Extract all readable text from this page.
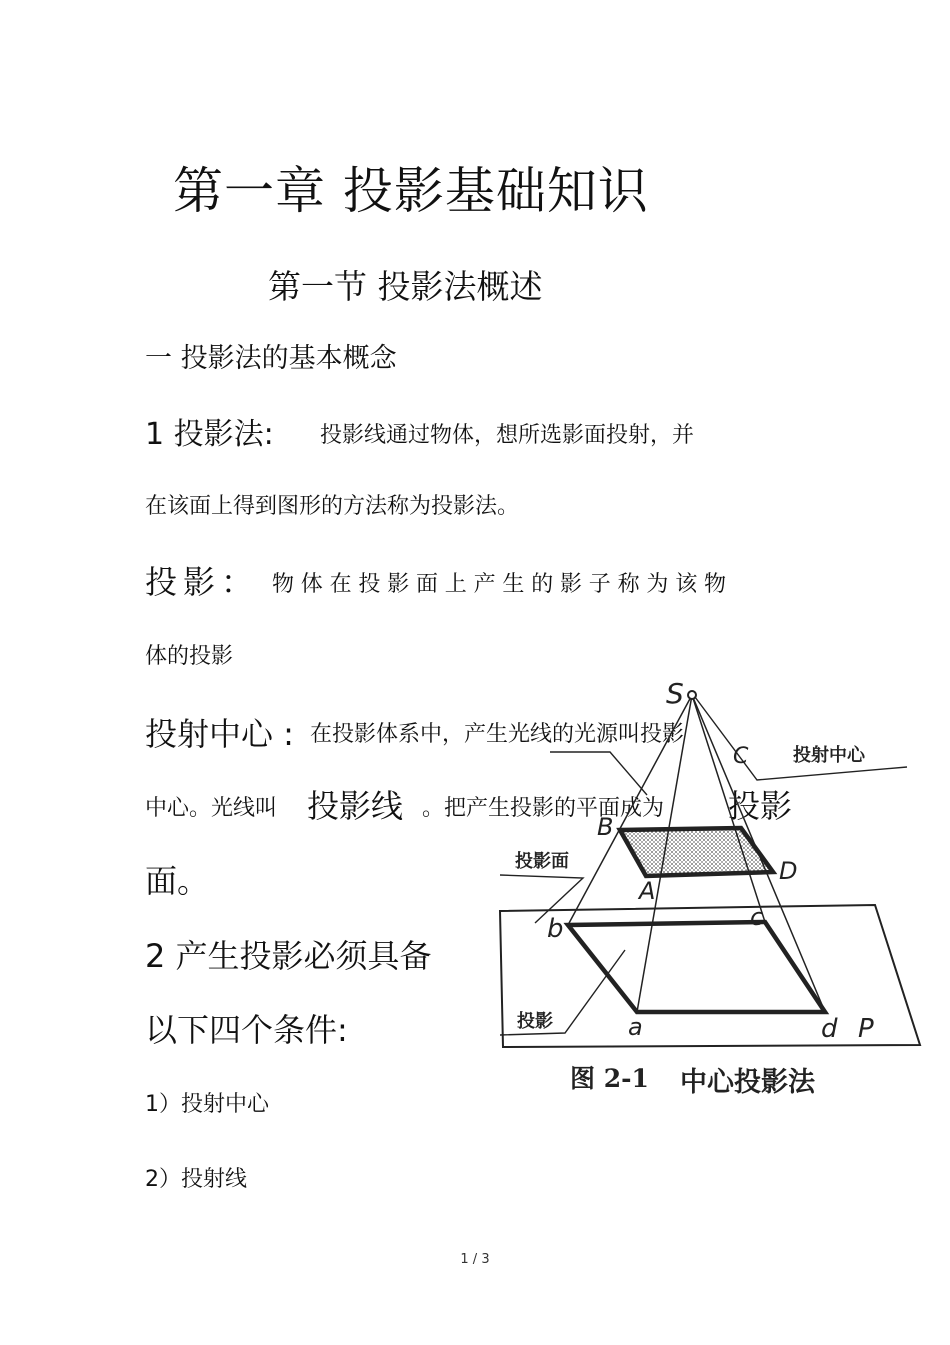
第一章 投影基础知识
第一节 投影法概述
一 投影法的基本概念
1 投影法: 投影线通过物体，想所选影面投射，并
在该面上得到图形的方法称为投影法。
投影： 物体在投影面上产生的影子称为该物
体的投影
投射中心 : 在投影体系中，产生光线的光源叫投影
中心。光线叫 投影线 。把产生投影的平面成为 投影
面。
2 产生投影必须具备
以下四个条件:
1）投射中心
2）投射线
投射中心
投影面
投影
S
B
C
D
A
b	c
d
a	P
图 2-1 中心投影法
1 / 3
